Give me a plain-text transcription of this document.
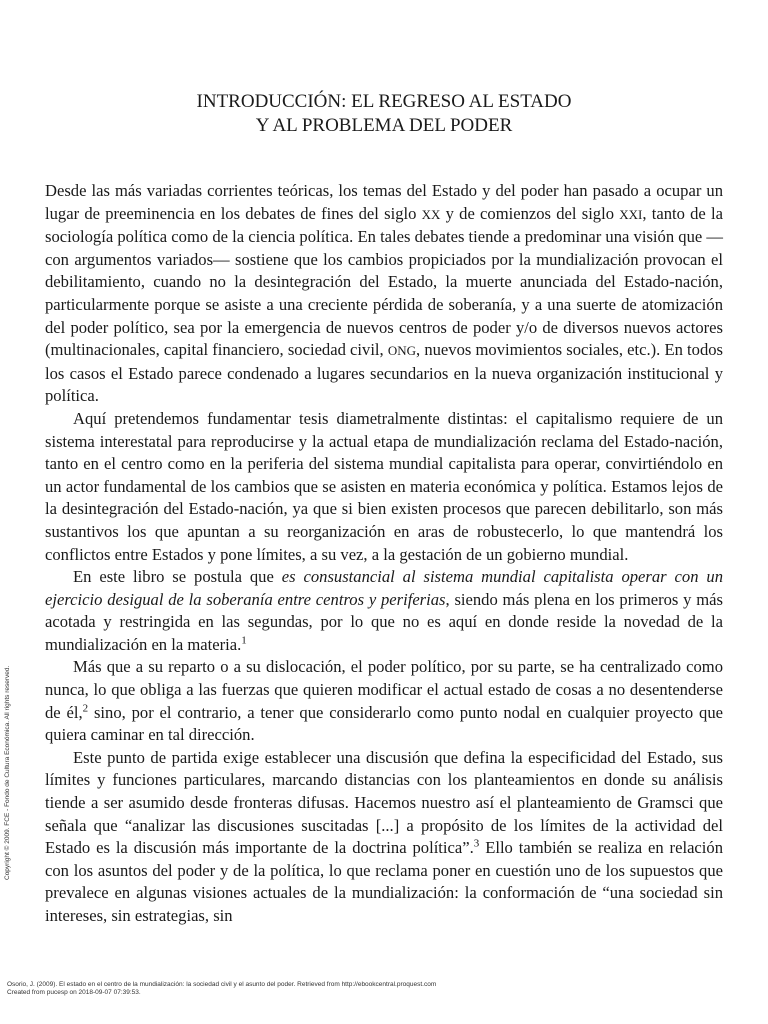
INTRODUCCIÓN: EL REGRESO AL ESTADO
Y AL PROBLEMA DEL PODER

Desde las más variadas corrientes teóricas, los temas del Estado y del poder han pasado a ocupar un lugar de preeminencia en los debates de fines del siglo XX y de comienzos del siglo XXI, tanto de la sociología política como de la ciencia política. En tales debates tiende a predominar una visión que —con argumentos variados— sostiene que los cambios propiciados por la mundialización provocan el debilitamiento, cuando no la desintegración del Estado, la muerte anunciada del Estado-nación, particularmente porque se asiste a una creciente pérdida de soberanía, y a una suerte de atomización del poder político, sea por la emergencia de nuevos centros de poder y/o de diversos nuevos actores (multinacionales, capital financiero, sociedad civil, ONG, nuevos movimientos sociales, etc.). En todos los casos el Estado parece condenado a lugares secundarios en la nueva organización institucional y política.

Aquí pretendemos fundamentar tesis diametralmente distintas: el capitalismo requiere de un sistema interestatal para reproducirse y la actual etapa de mundialización reclama del Estado-nación, tanto en el centro como en la periferia del sistema mundial capitalista para operar, convirtiéndolo en un actor fundamental de los cambios que se asisten en materia económica y política. Estamos lejos de la desintegración del Estado-nación, ya que si bien existen procesos que parecen debilitarlo, son más sustantivos los que apuntan a su reorganización en aras de robustecerlo, lo que mantendrá los conflictos entre Estados y pone límites, a su vez, a la gestación de un gobierno mundial.

En este libro se postula que es consustancial al sistema mundial capitalista operar con un ejercicio desigual de la soberanía entre centros y periferias, siendo más plena en los primeros y más acotada y restringida en las segundas, por lo que no es aquí en donde reside la novedad de la mundialización en la materia.$^1$

Más que a su reparto o a su dislocación, el poder político, por su parte, se ha centralizado como nunca, lo que obliga a las fuerzas que quieren modificar el actual estado de cosas a no desentenderse de él,$^2$ sino, por el contrario, a tener que considerarlo como punto nodal en cualquier proyecto que quiera caminar en tal dirección.

Este punto de partida exige establecer una discusión que defina la especificidad del Estado, sus límites y funciones particulares, marcando distancias con los planteamientos en donde su análisis tiende a ser asumido desde fronteras difusas. Hacemos nuestro así el planteamiento de Gramsci que señala que “analizar las discusiones suscitadas [...] a propósito de los límites de la actividad del Estado es la discusión más importante de la doctrina política”.$^3$ Ello también se realiza en relación con los asuntos del poder y de la política, lo que reclama poner en cuestión uno de los supuestos que prevalece en algunas visiones actuales de la mundialización: la conformación de “una sociedad sin intereses, sin estrategias, sin

Copyright © 2009. FCE - Fondo de Cultura Económica. All rights reserved.
Osorio, J. (2009). El estado en el centro de la mundialización: la sociedad civil y el asunto del poder. Retrieved from http://ebookcentral.proquest.com
Created from pucesp on 2018-09-07 07:39:53.
